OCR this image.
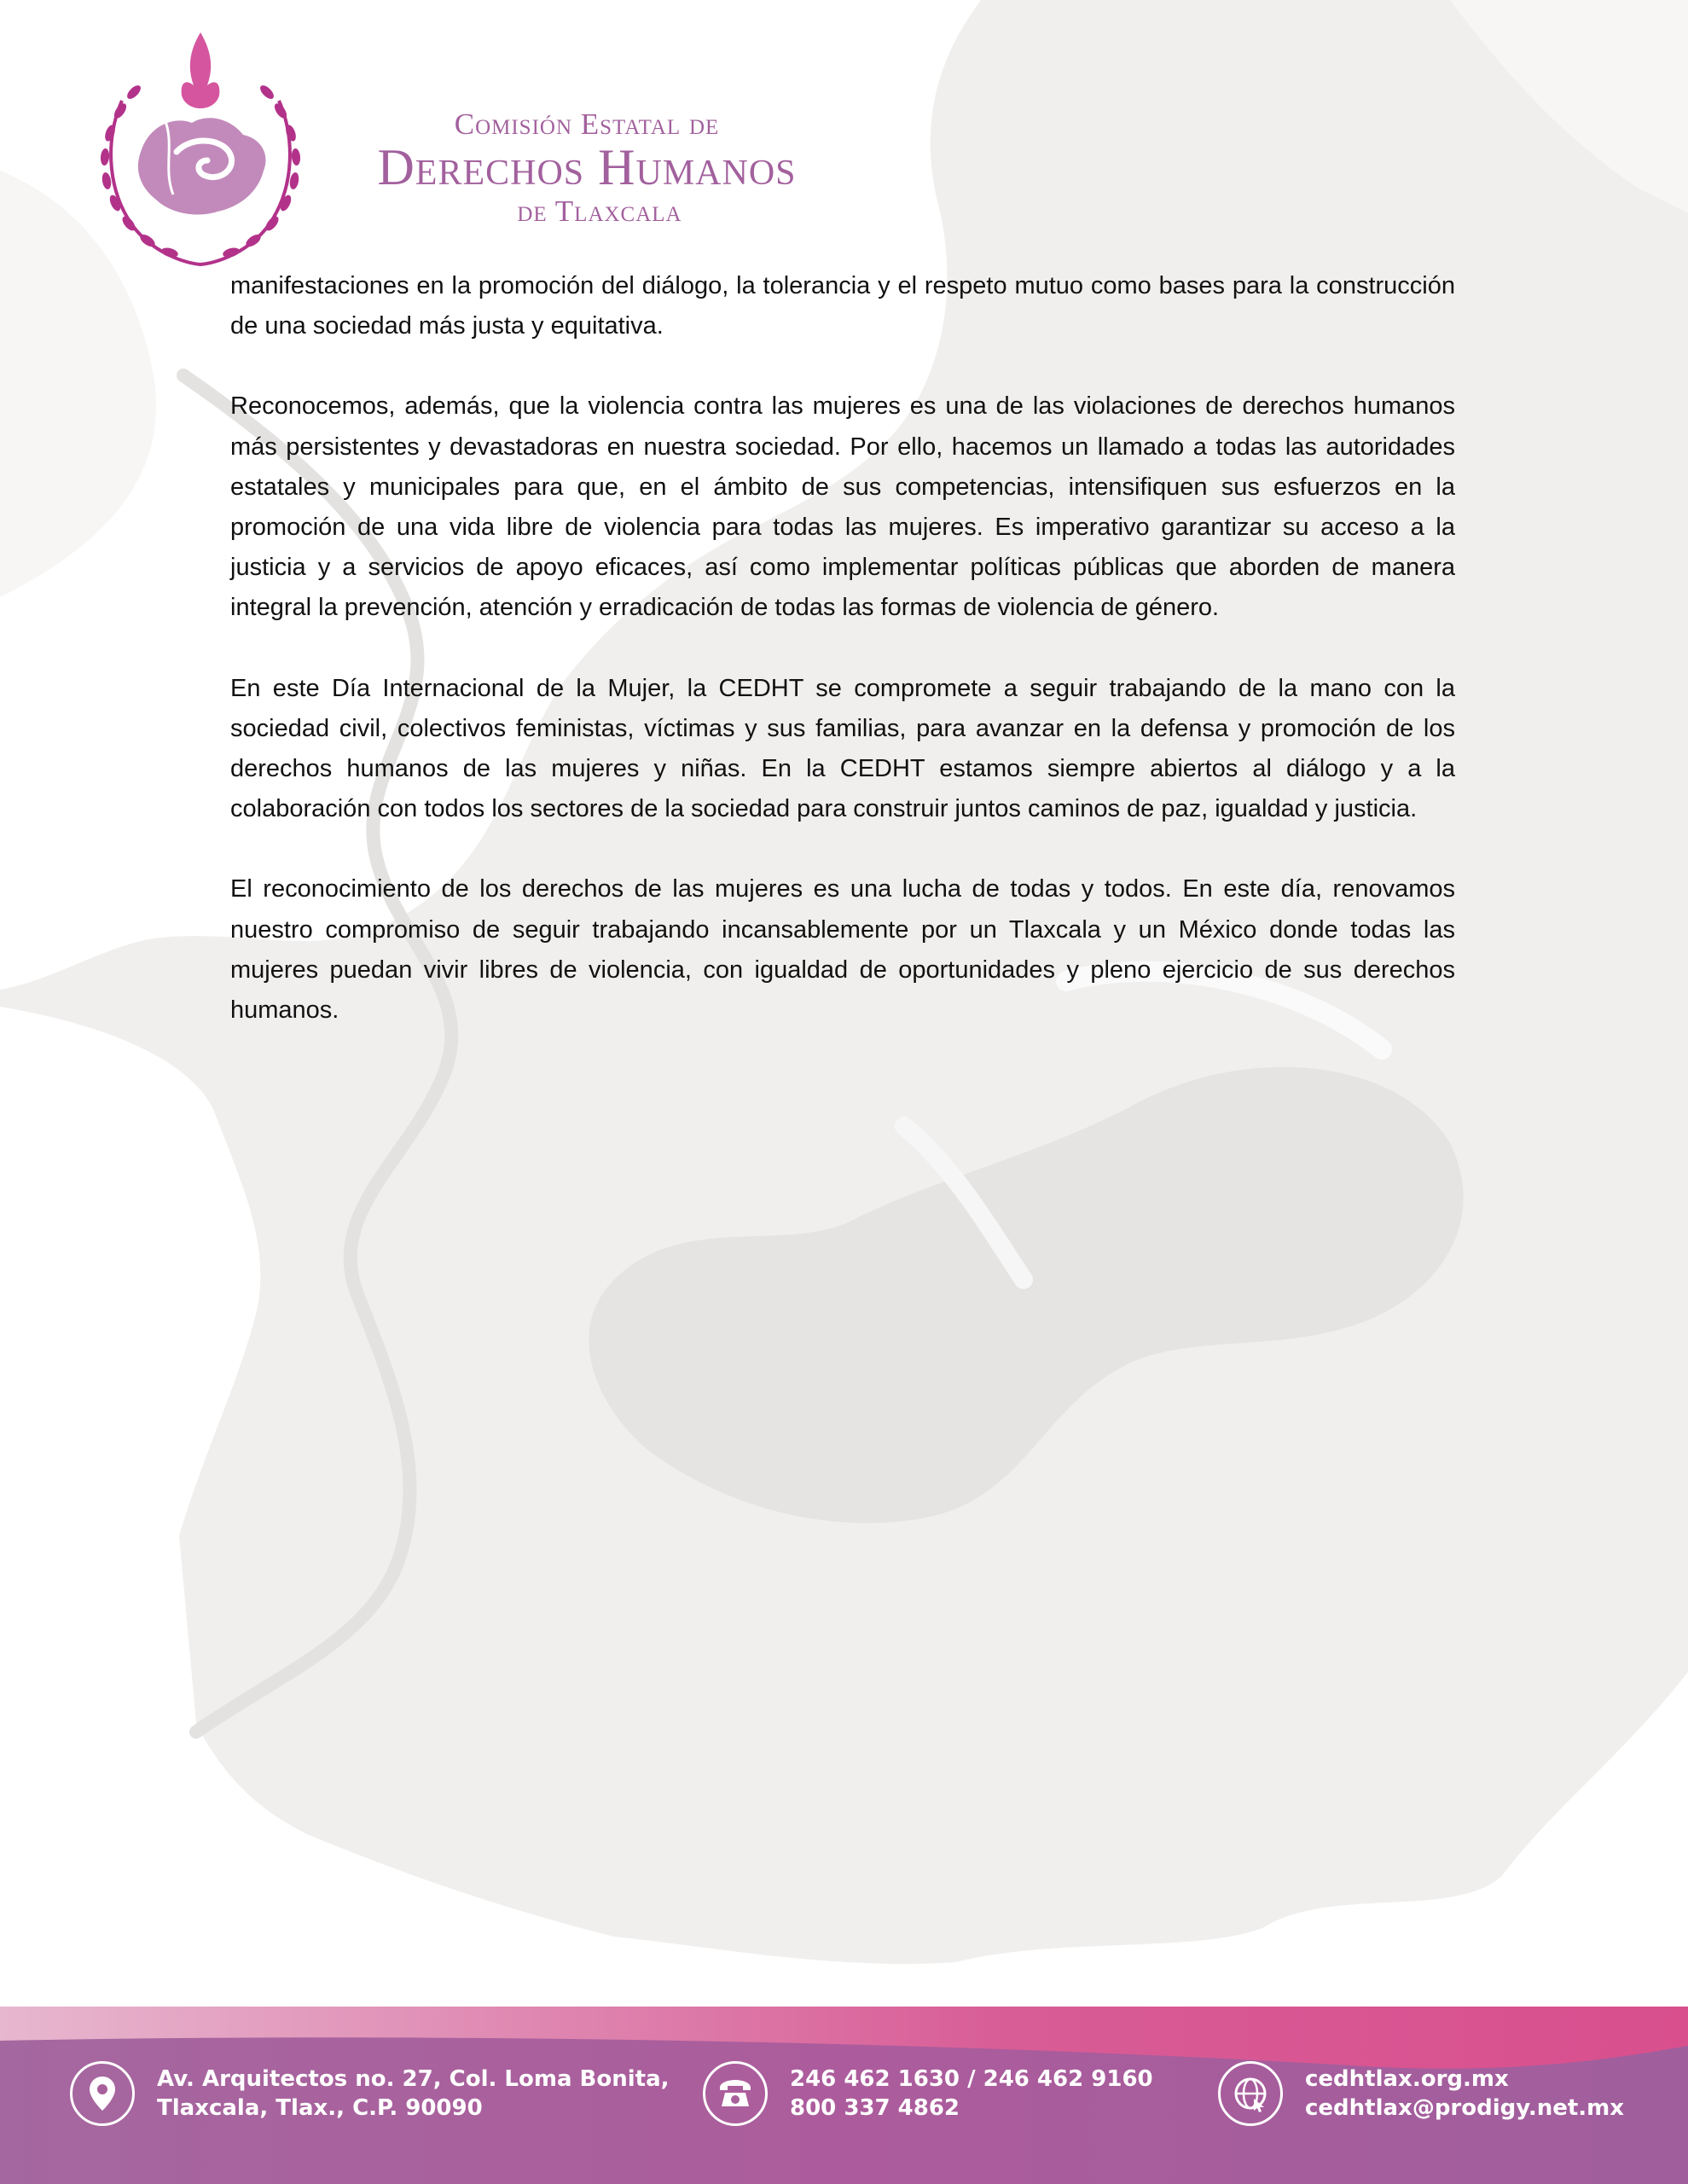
Comisión Estatal de
Derechos Humanos
de Tlaxcala

manifestaciones en la promoción del diálogo, la tolerancia y el respeto mutuo como bases para la construcción de una sociedad más justa y equitativa.

Reconocemos, además, que la violencia contra las mujeres es una de las violaciones de derechos humanos más persistentes y devastadoras en nuestra sociedad. Por ello, hacemos un llamado a todas las autoridades estatales y municipales para que, en el ámbito de sus competencias, intensifiquen sus esfuerzos en la promoción de una vida libre de violencia para todas las mujeres. Es imperativo garantizar su acceso a la justicia y a servicios de apoyo eficaces, así como implementar políticas públicas que aborden de manera integral la prevención, atención y erradicación de todas las formas de violencia de género.

En este Día Internacional de la Mujer, la CEDHT se compromete a seguir trabajando de la mano con la sociedad civil, colectivos feministas, víctimas y sus familias, para avanzar en la defensa y promoción de los derechos humanos de las mujeres y niñas. En la CEDHT estamos siempre abiertos al diálogo y a la colaboración con todos los sectores de la sociedad para construir juntos caminos de paz, igualdad y justicia.

El reconocimiento de los derechos de las mujeres es una lucha de todas y todos. En este día, renovamos nuestro compromiso de seguir trabajando incansablemente por un Tlaxcala y un México donde todas las mujeres puedan vivir libres de violencia, con igualdad de oportunidades y pleno ejercicio de sus derechos humanos.

Av. Arquitectos no. 27, Col. Loma Bonita,
Tlaxcala, Tlax., C.P. 90090
246 462 1630 / 246 462 9160
800 337 4862
cedhtlax.org.mx
cedhtlax@prodigy.net.mx
